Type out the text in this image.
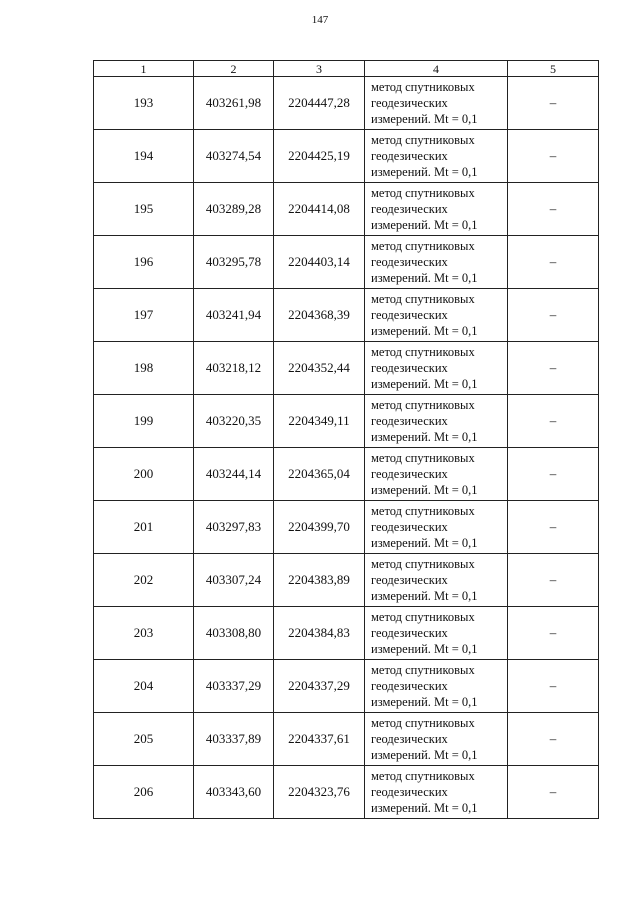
147
1	2	3	4	5
193	403261,98	2204447,28	метод спутниковых геодезических измерений. Mt = 0,1	–
194	403274,54	2204425,19	метод спутниковых геодезических измерений. Mt = 0,1	–
195	403289,28	2204414,08	метод спутниковых геодезических измерений. Mt = 0,1	–
196	403295,78	2204403,14	метод спутниковых геодезических измерений. Mt = 0,1	–
197	403241,94	2204368,39	метод спутниковых геодезических измерений. Mt = 0,1	–
198	403218,12	2204352,44	метод спутниковых геодезических измерений. Mt = 0,1	–
199	403220,35	2204349,11	метод спутниковых геодезических измерений. Mt = 0,1	–
200	403244,14	2204365,04	метод спутниковых геодезических измерений. Mt = 0,1	–
201	403297,83	2204399,70	метод спутниковых геодезических измерений. Mt = 0,1	–
202	403307,24	2204383,89	метод спутниковых геодезических измерений. Mt = 0,1	–
203	403308,80	2204384,83	метод спутниковых геодезических измерений. Mt = 0,1	–
204	403337,29	2204337,29	метод спутниковых геодезических измерений. Mt = 0,1	–
205	403337,89	2204337,61	метод спутниковых геодезических измерений. Mt = 0,1	–
206	403343,60	2204323,76	метод спутниковых геодезических измерений. Mt = 0,1	–
